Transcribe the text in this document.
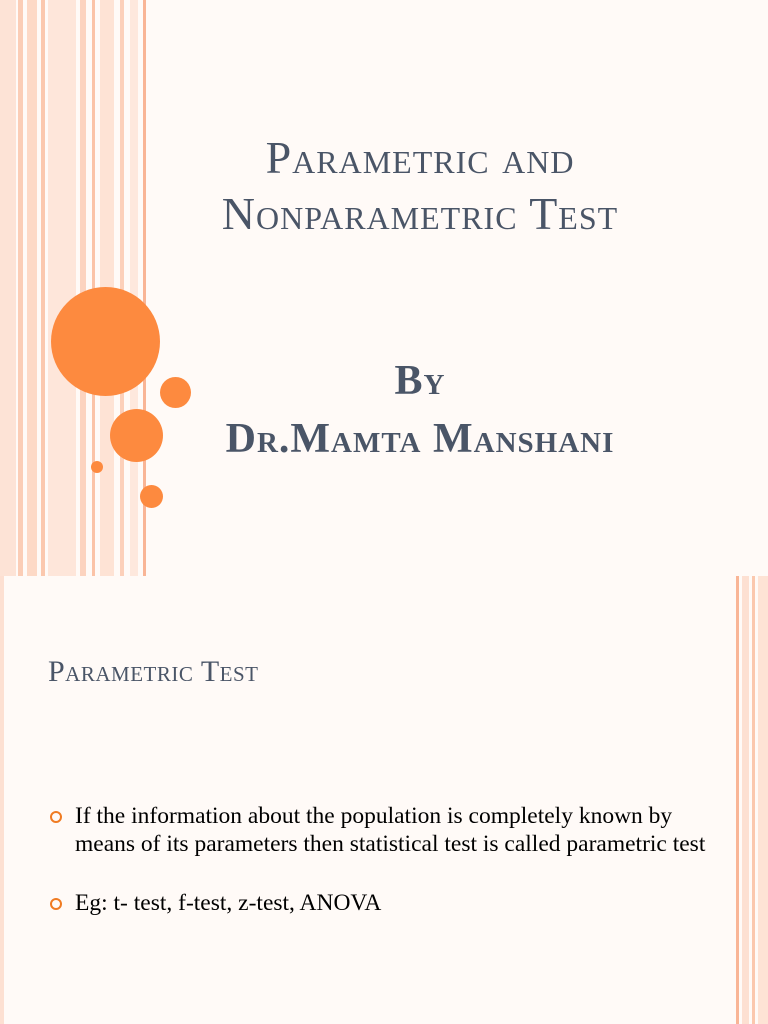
Parametric and
Nonparametric Test
By
Dr.Mamta Manshani
Parametric Test
If the information about the population is completely known by means of its parameters then statistical test is called parametric test
Eg: t- test, f-test, z-test, ANOVA
